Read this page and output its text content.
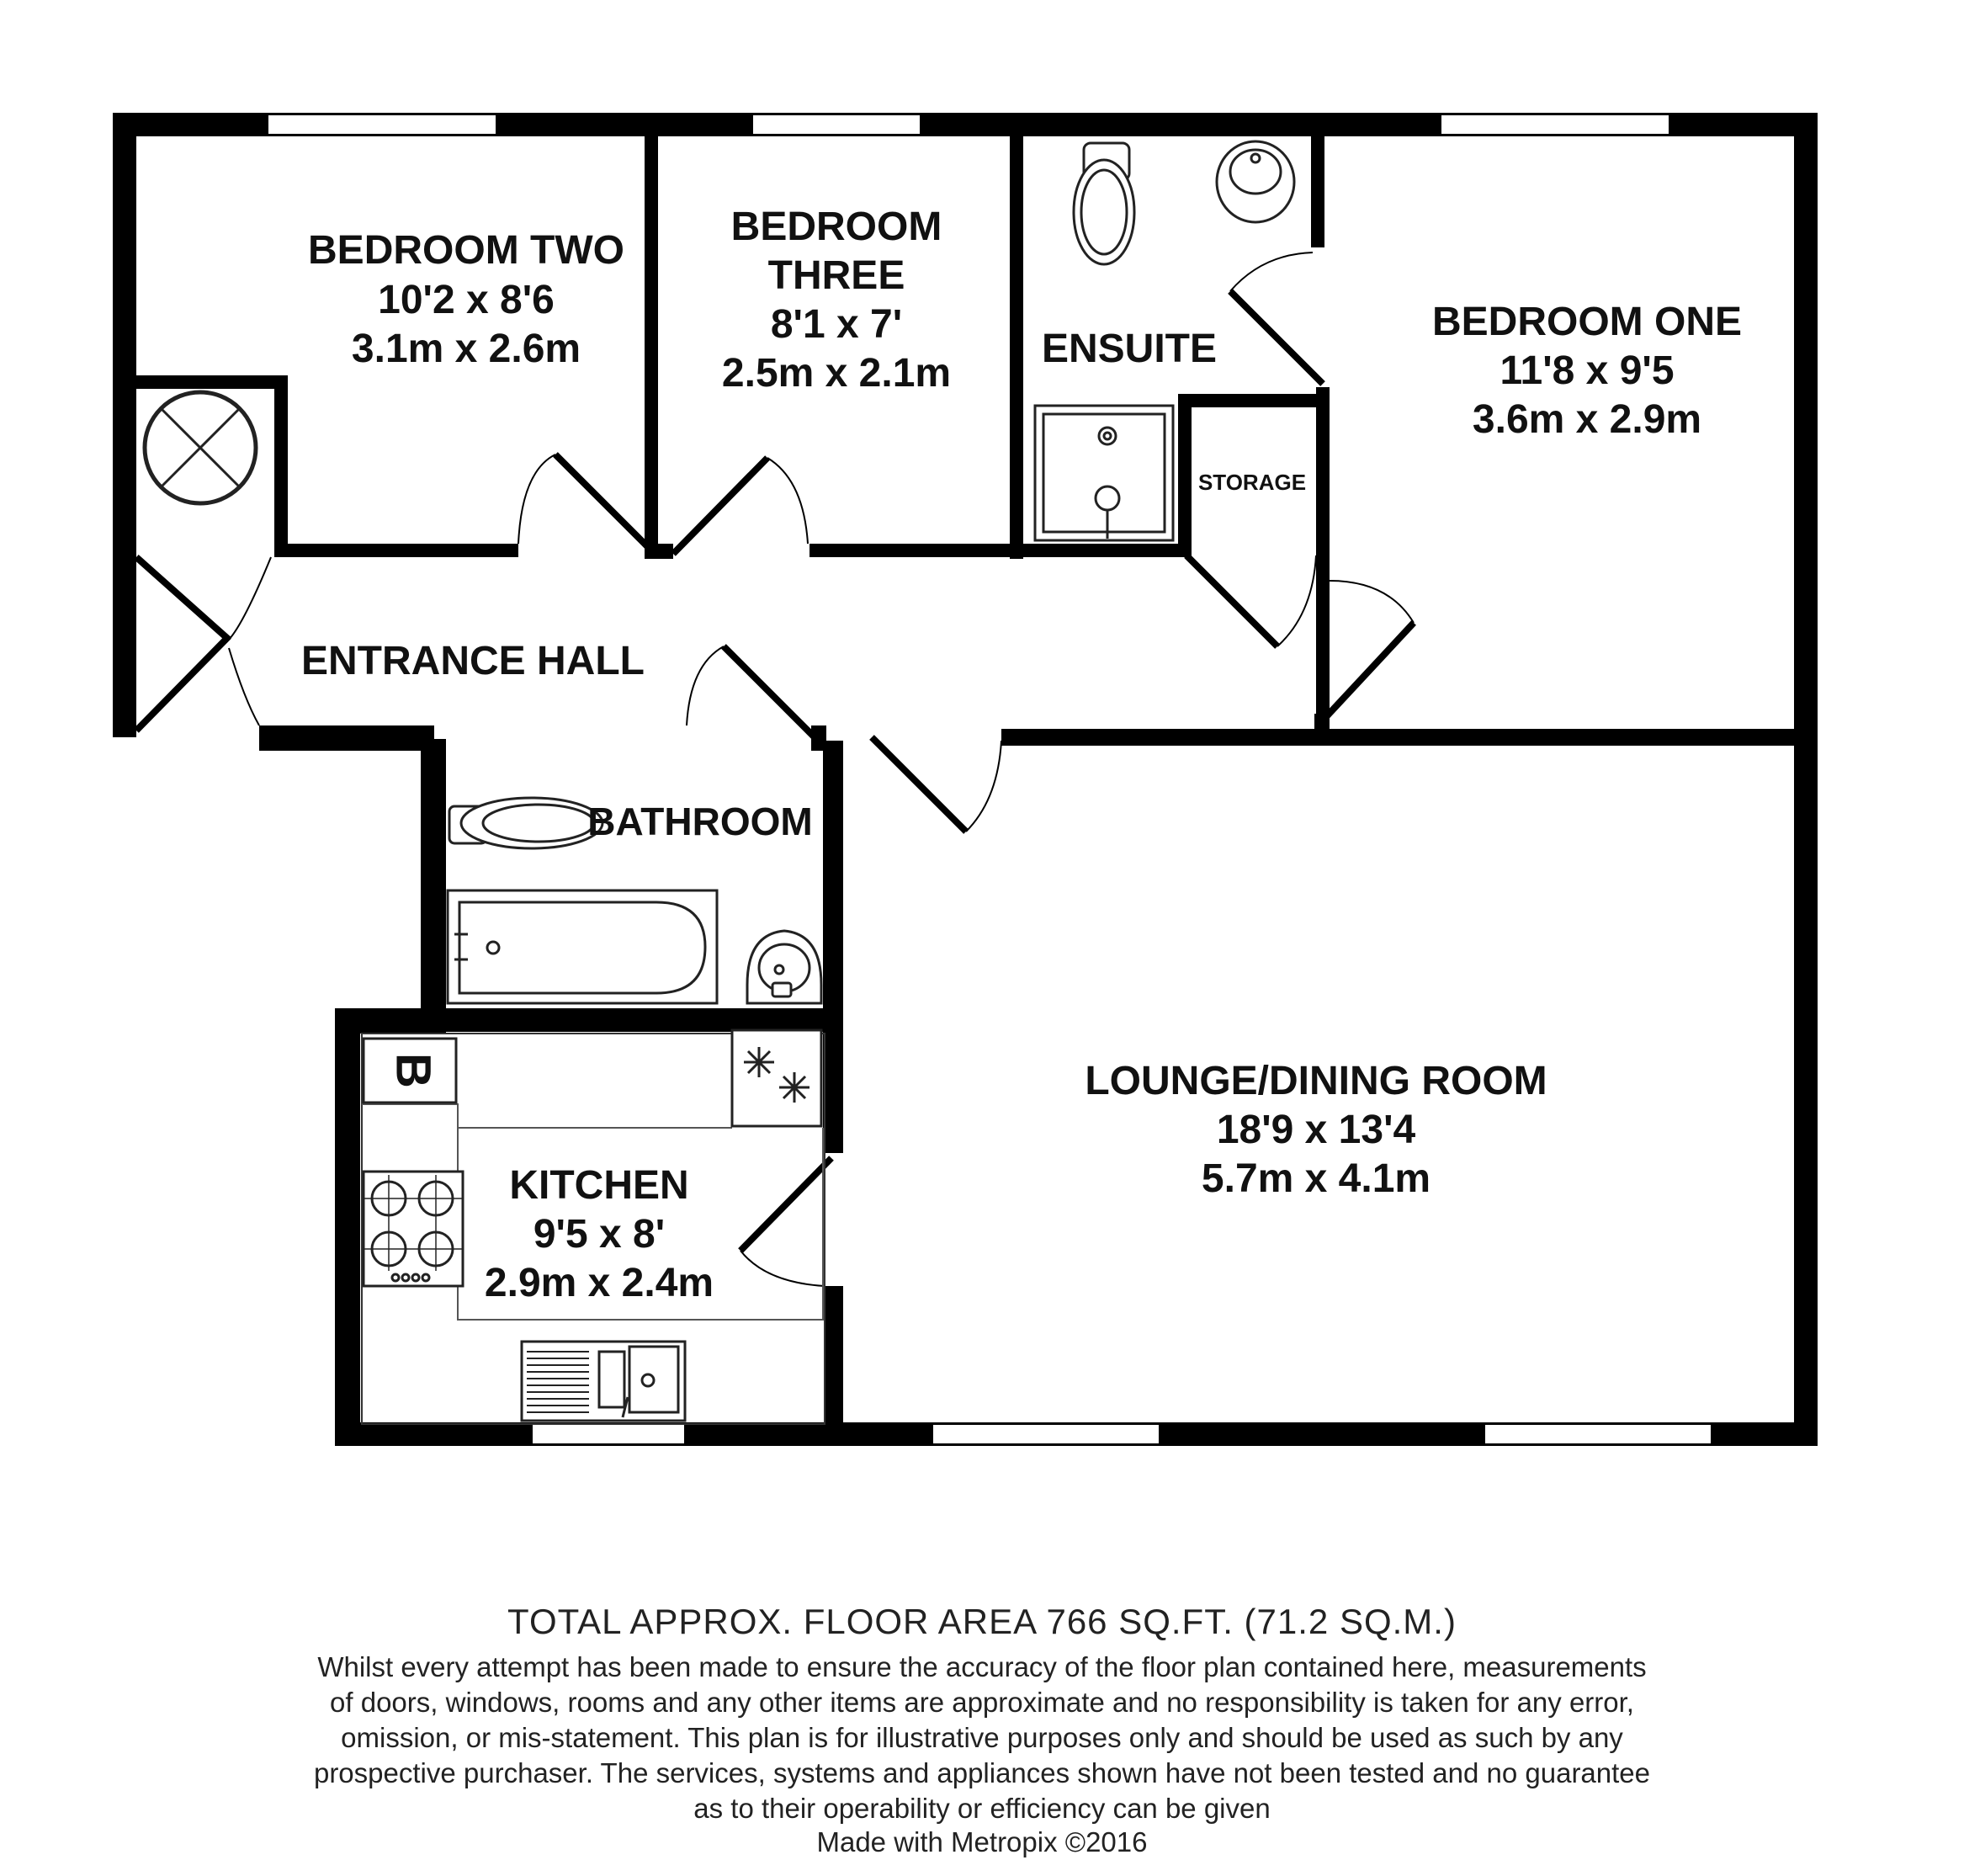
BEDROOM TWO
10'2 x 8'6
3.1m x 2.6m
BEDROOM
THREE
8'1 x 7'
2.5m x 2.1m
ENSUITE
STORAGE
BEDROOM ONE
11'8 x 9'5
3.6m x 2.9m
ENTRANCE HALL
BATHROOM
KITCHEN
9'5 x 8'
2.9m x 2.4m
LOUNGE/DINING ROOM
18'9 x 13'4
5.7m x 4.1m
B
TOTAL APPROX. FLOOR AREA 766 SQ.FT. (71.2 SQ.M.)
Whilst every attempt has been made to ensure the accuracy of the floor plan contained here, measurements
of doors, windows, rooms and any other items are approximate and no responsibility is taken for any error,
omission, or mis-statement. This plan is for illustrative purposes only and should be used as such by any
prospective purchaser. The services, systems and appliances shown have not been tested and no guarantee
as to their operability or efficiency can be given
Made with Metropix ©2016
